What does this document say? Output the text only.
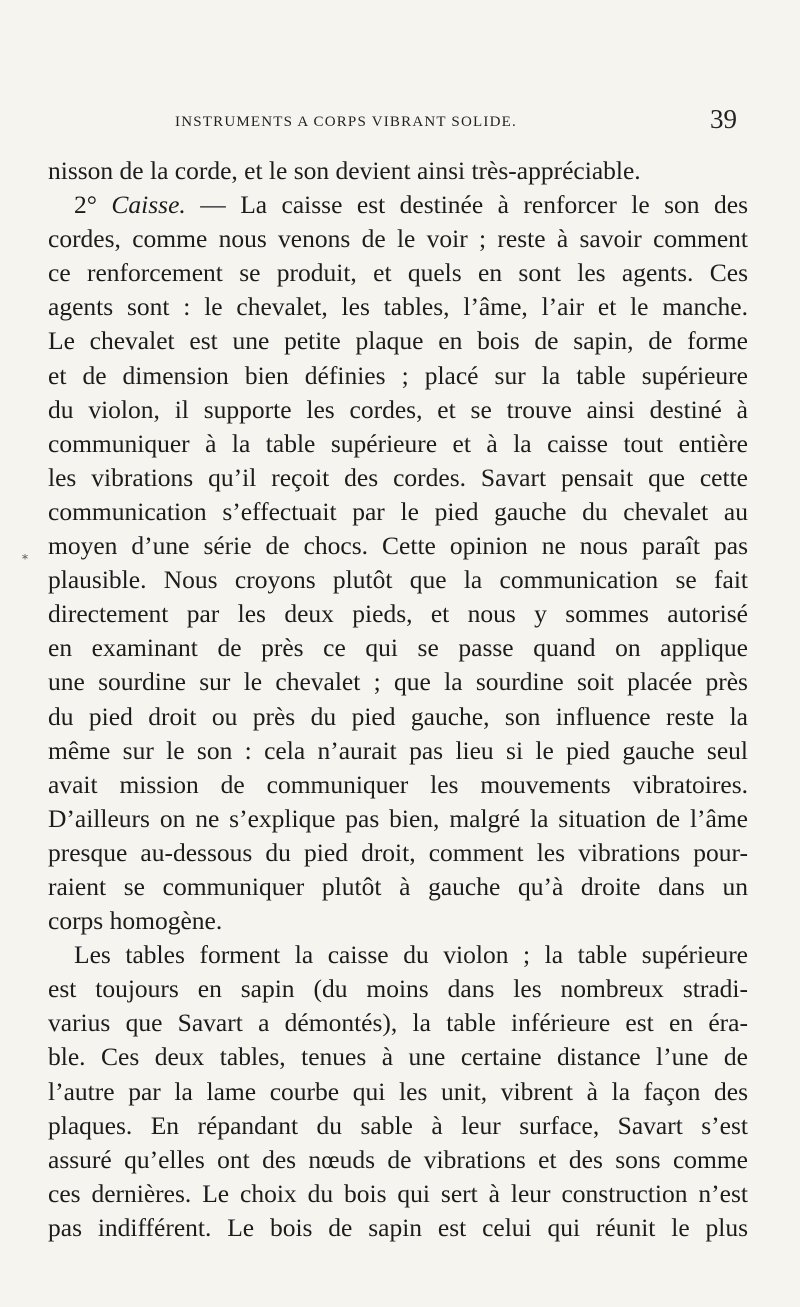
INSTRUMENTS A CORPS VIBRANT SOLIDE.	39
*
nisson de la corde, et le son devient ainsi très-appréciable.
2° Caisse. — La caisse est destinée à renforcer le son des
cordes, comme nous venons de le voir ; reste à savoir comment
ce renforcement se produit, et quels en sont les agents. Ces
agents sont : le chevalet, les tables, l’âme, l’air et le manche.
Le chevalet est une petite plaque en bois de sapin, de forme
et de dimension bien définies ; placé sur la table supérieure
du violon, il supporte les cordes, et se trouve ainsi destiné à
communiquer à la table supérieure et à la caisse tout entière
les vibrations qu’il reçoit des cordes. Savart pensait que cette
communication s’effectuait par le pied gauche du chevalet au
moyen d’une série de chocs. Cette opinion ne nous paraît pas
plausible. Nous croyons plutôt que la communication se fait
directement par les deux pieds, et nous y sommes autorisé
en examinant de près ce qui se passe quand on applique
une sourdine sur le chevalet ; que la sourdine soit placée près
du pied droit ou près du pied gauche, son influence reste la
même sur le son : cela n’aurait pas lieu si le pied gauche seul
avait mission de communiquer les mouvements vibratoires.
D’ailleurs on ne s’explique pas bien, malgré la situation de l’âme
presque au-dessous du pied droit, comment les vibrations pour-
raient se communiquer plutôt à gauche qu’à droite dans un
corps homogène.
Les tables forment la caisse du violon ; la table supérieure
est toujours en sapin (du moins dans les nombreux stradi-
varius que Savart a démontés), la table inférieure est en éra-
ble. Ces deux tables, tenues à une certaine distance l’une de
l’autre par la lame courbe qui les unit, vibrent à la façon des
plaques. En répandant du sable à leur surface, Savart s’est
assuré qu’elles ont des nœuds de vibrations et des sons comme
ces dernières. Le choix du bois qui sert à leur construction n’est
pas indifférent. Le bois de sapin est celui qui réunit le plus
